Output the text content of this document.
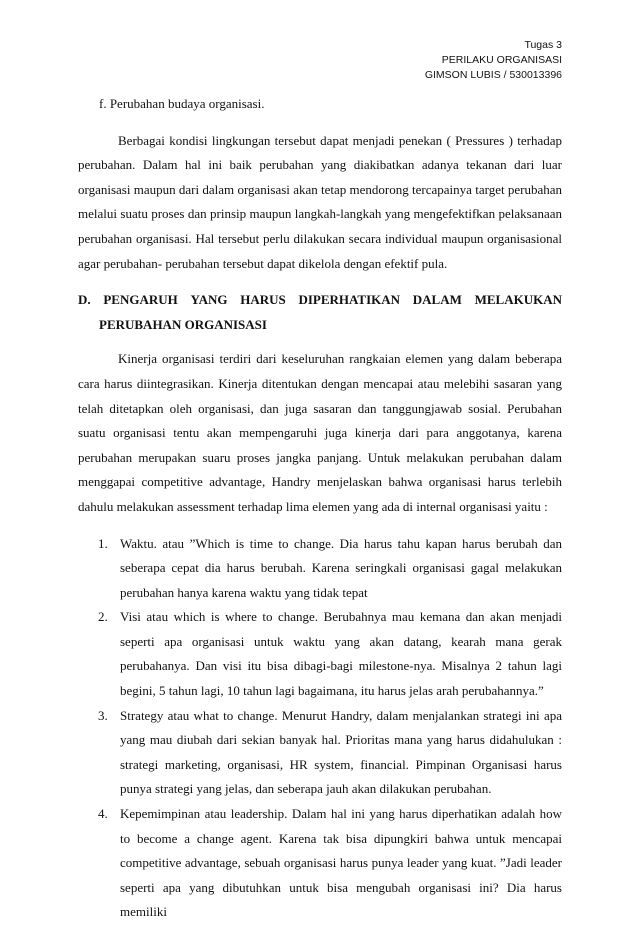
Tugas 3
PERILAKU ORGANISASI
GIMSON LUBIS / 530013396

f. Perubahan budaya organisasi.

Berbagai kondisi lingkungan tersebut dapat menjadi penekan ( Pressures ) terhadap perubahan. Dalam hal ini baik perubahan yang diakibatkan adanya tekanan dari luar organisasi maupun dari dalam organisasi akan tetap mendorong tercapainya target perubahan melalui suatu proses dan prinsip maupun langkah-langkah yang mengefektifkan pelaksanaan perubahan organisasi. Hal tersebut perlu dilakukan secara individual maupun organisasional agar perubahan- perubahan tersebut dapat dikelola dengan efektif pula.

D. PENGARUH YANG HARUS DIPERHATIKAN DALAM MELAKUKAN
PERUBAHAN ORGANISASI

Kinerja organisasi terdiri dari keseluruhan rangkaian elemen yang dalam beberapa cara harus diintegrasikan. Kinerja ditentukan dengan mencapai atau melebihi sasaran yang telah ditetapkan oleh organisasi, dan juga sasaran dan tanggungjawab sosial. Perubahan suatu organisasi tentu akan mempengaruhi juga kinerja dari para anggotanya, karena perubahan merupakan suaru proses jangka panjang. Untuk melakukan perubahan dalam menggapai competitive advantage, Handry menjelaskan bahwa organisasi harus terlebih dahulu melakukan assessment terhadap lima elemen yang ada di internal organisasi yaitu :

1. Waktu. atau ”Which is time to change. Dia harus tahu kapan harus berubah dan seberapa cepat dia harus berubah. Karena seringkali organisasi gagal melakukan perubahan hanya karena waktu yang tidak tepat
2. Visi atau which is where to change. Berubahnya mau kemana dan akan menjadi seperti apa organisasi untuk waktu yang akan datang, kearah mana gerak perubahanya. Dan visi itu bisa dibagi-bagi milestone-nya. Misalnya 2 tahun lagi begini, 5 tahun lagi, 10 tahun lagi bagaimana, itu harus jelas arah perubahannya.”
3. Strategy atau what to change. Menurut Handry, dalam menjalankan strategi ini apa yang mau diubah dari sekian banyak hal. Prioritas mana yang harus didahulukan : strategi marketing, organisasi, HR system, financial. Pimpinan Organisasi harus punya strategi yang jelas, dan seberapa jauh akan dilakukan perubahan.
4. Kepemimpinan atau leadership. Dalam hal ini yang harus diperhatikan adalah how to become a change agent. Karena tak bisa dipungkiri bahwa untuk mencapai competitive advantage, sebuah organisasi harus punya leader yang kuat. ”Jadi leader seperti apa yang dibutuhkan untuk bisa mengubah organisasi ini? Dia harus memiliki
